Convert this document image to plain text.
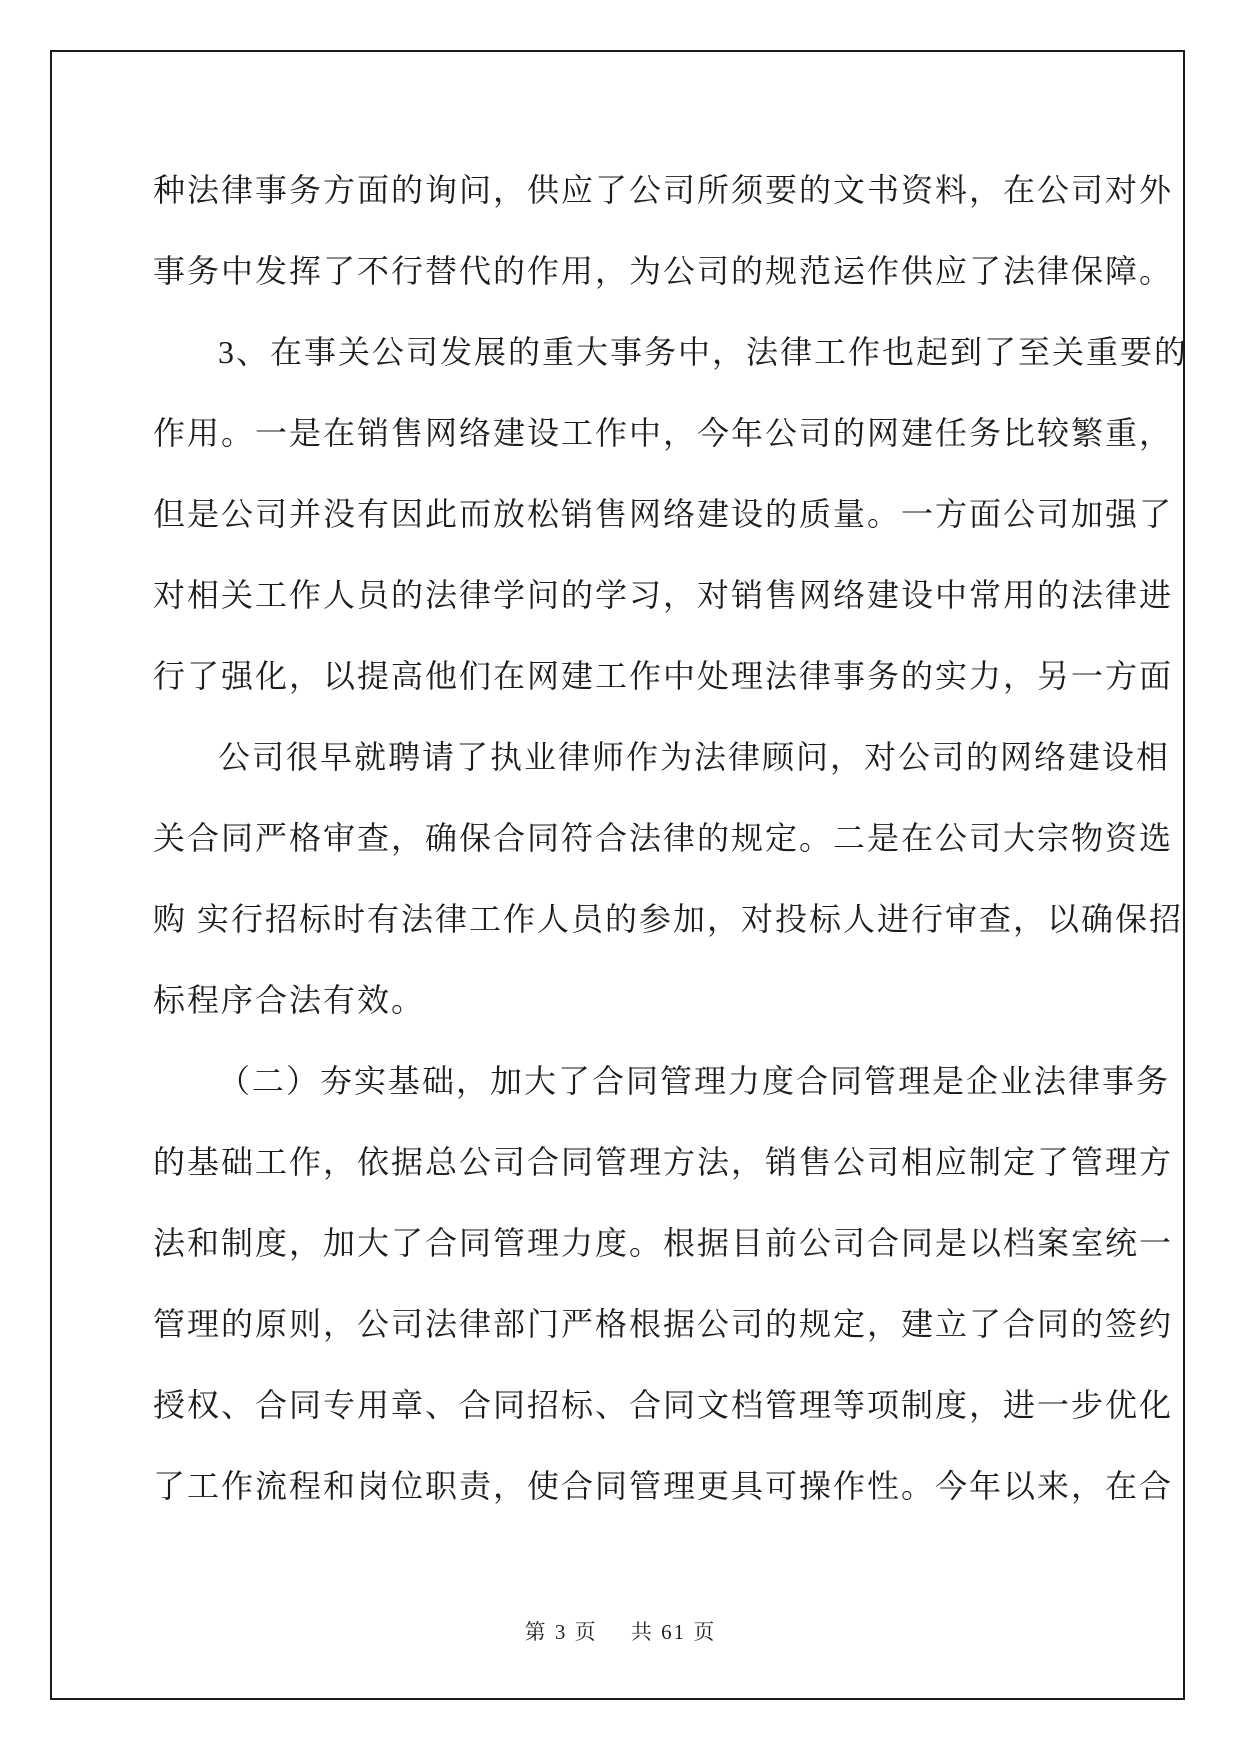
种法律事务方面的询问，供应了公司所须要的文书资料，在公司对外
事务中发挥了不行替代的作用，为公司的规范运作供应了法律保障。
3、在事关公司发展的重大事务中，法律工作也起到了至关重要的
作用。一是在销售网络建设工作中，今年公司的网建任务比较繁重，
但是公司并没有因此而放松销售网络建设的质量。一方面公司加强了
对相关工作人员的法律学问的学习，对销售网络建设中常用的法律进
行了强化，以提高他们在网建工作中处理法律事务的实力，另一方面
公司很早就聘请了执业律师作为法律顾问，对公司的网络建设相
关合同严格审查，确保合同符合法律的规定。二是在公司大宗物资选
购 实行招标时有法律工作人员的参加，对投标人进行审查，以确保招
标程序合法有效。
（二）夯实基础，加大了合同管理力度合同管理是企业法律事务
的基础工作，依据总公司合同管理方法，销售公司相应制定了管理方
法和制度，加大了合同管理力度。根据目前公司合同是以档案室统一
管理的原则，公司法律部门严格根据公司的规定，建立了合同的签约
授权、合同专用章、合同招标、合同文档管理等项制度，进一步优化
了工作流程和岗位职责，使合同管理更具可操作性。今年以来，在合
第 3 页 共 61 页
